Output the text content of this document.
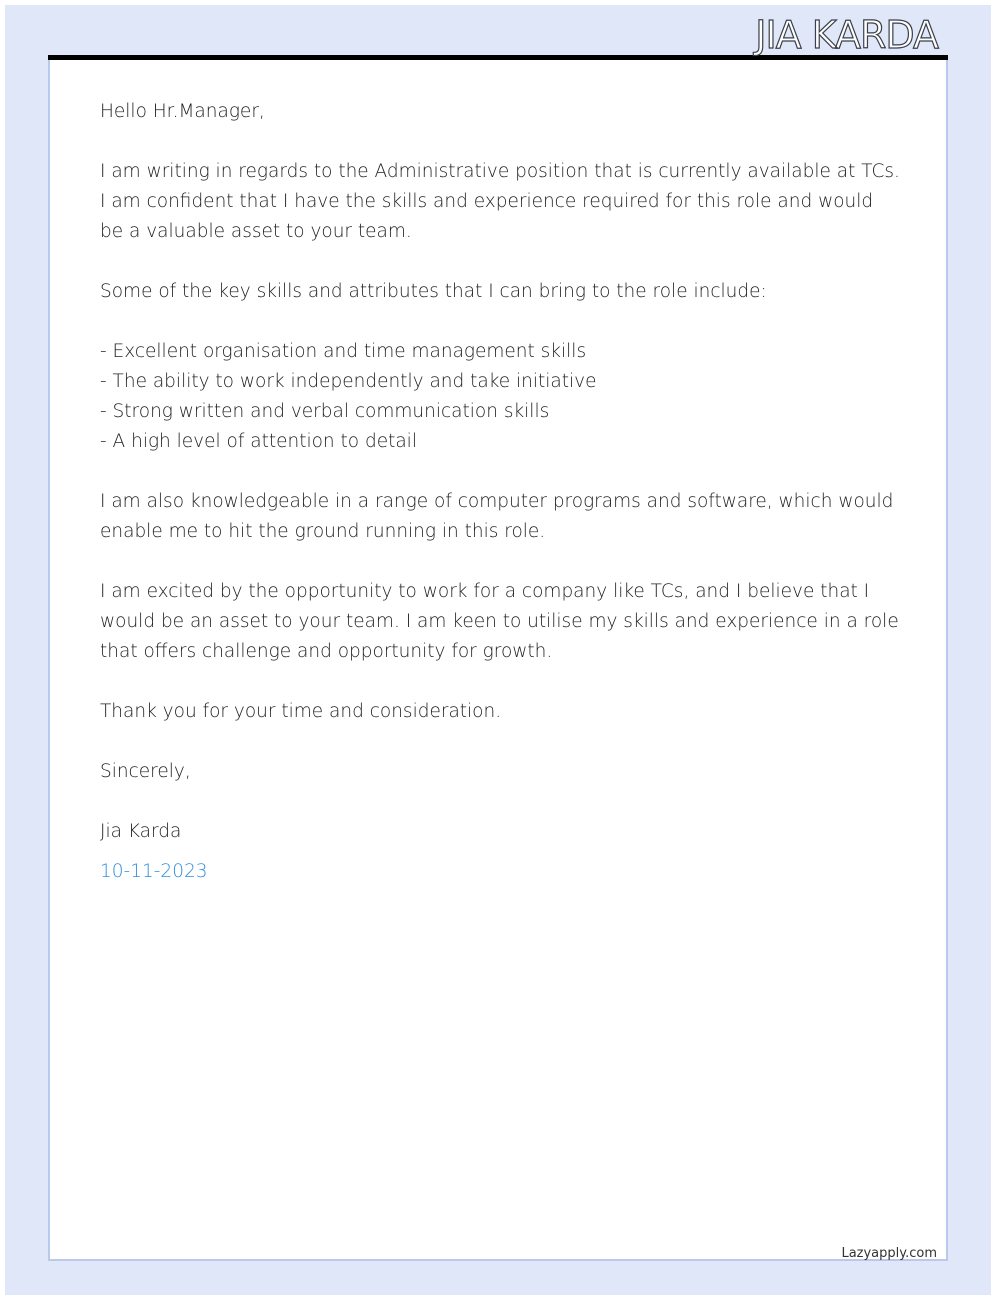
JIA KARDA

Hello Hr.Manager,

I am writing in regards to the Administrative position that is currently available at TCs. I am confident that I have the skills and experience required for this role and would be a valuable asset to your team.

Some of the key skills and attributes that I can bring to the role include:

- Excellent organisation and time management skills
- The ability to work independently and take initiative
- Strong written and verbal communication skills
- A high level of attention to detail

I am also knowledgeable in a range of computer programs and software, which would enable me to hit the ground running in this role.

I am excited by the opportunity to work for a company like TCs, and I believe that I would be an asset to your team. I am keen to utilise my skills and experience in a role that offers challenge and opportunity for growth.

Thank you for your time and consideration.

Sincerely,

Jia Karda

10-11-2023

Lazyapply.com
